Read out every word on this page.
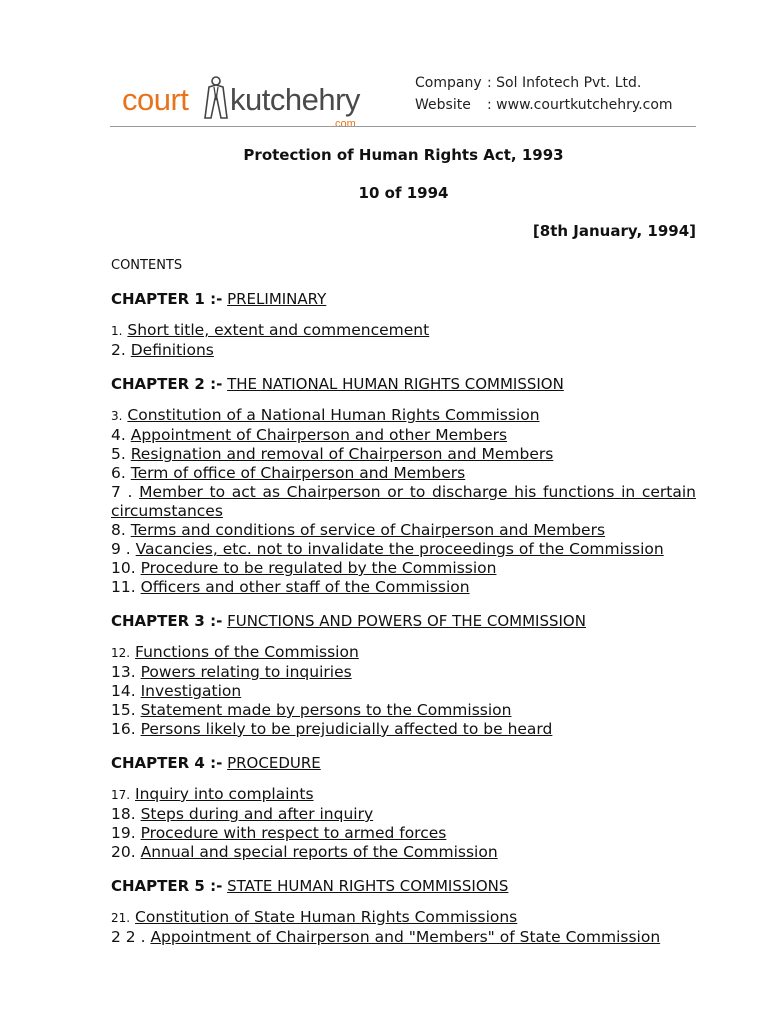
court kutchehry
.com
Company : Sol Infotech Pvt. Ltd.
Website : www.courtkutchehry.com

Protection of Human Rights Act, 1993

10 of 1994

[8th January, 1994]
CONTENTS
CHAPTER 1 :- PRELIMINARY
1. Short title, extent and commencement
2. Definitions
CHAPTER 2 :- THE NATIONAL HUMAN RIGHTS COMMISSION
3. Constitution of a National Human Rights Commission
4. Appointment of Chairperson and other Members
5. Resignation and removal of Chairperson and Members
6. Term of office of Chairperson and Members
7 . Member to act as Chairperson or to discharge his functions in certain circumstances
8. Terms and conditions of service of Chairperson and Members
9 . Vacancies, etc. not to invalidate the proceedings of the Commission
10. Procedure to be regulated by the Commission
11. Officers and other staff of the Commission
CHAPTER 3 :- FUNCTIONS AND POWERS OF THE COMMISSION
12. Functions of the Commission
13. Powers relating to inquiries
14. Investigation
15. Statement made by persons to the Commission
16. Persons likely to be prejudicially affected to be heard
CHAPTER 4 :- PROCEDURE
17. Inquiry into complaints
18. Steps during and after inquiry
19. Procedure with respect to armed forces
20. Annual and special reports of the Commission
CHAPTER 5 :- STATE HUMAN RIGHTS COMMISSIONS
21. Constitution of State Human Rights Commissions
2 2 . Appointment of Chairperson and "Members" of State Commission
